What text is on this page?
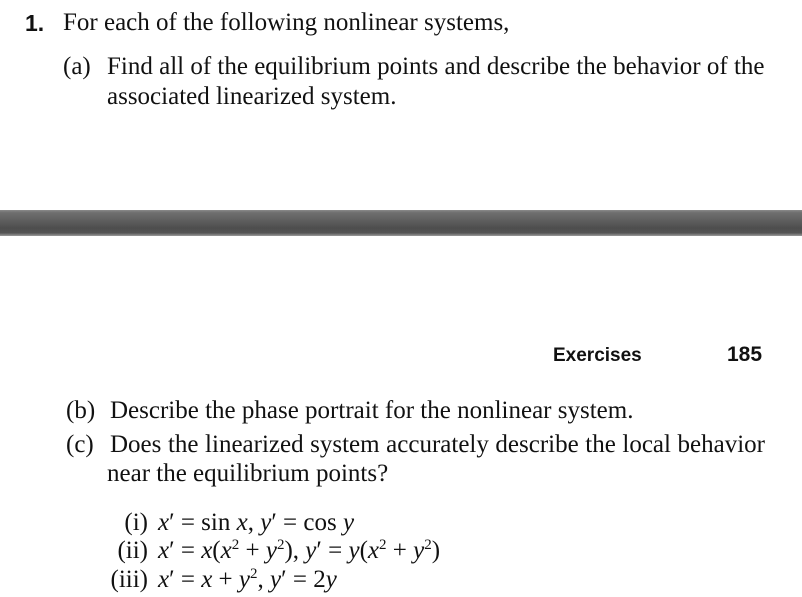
1. For each of the following nonlinear systems,
(a) Find all of the equilibrium points and describe the behavior of the
associated linearized system.
Exercises	185
(b) Describe the phase portrait for the nonlinear system.
(c) Does the linearized system accurately describe the local behavior
near the equilibrium points?
(i) x′ = sin x, y′ = cos y
(ii) $x' = x(x^2 + y^2)$, $y' = y(x^2 + y^2)$
(iii) $x' = x + y^2$, y′ = 2y
